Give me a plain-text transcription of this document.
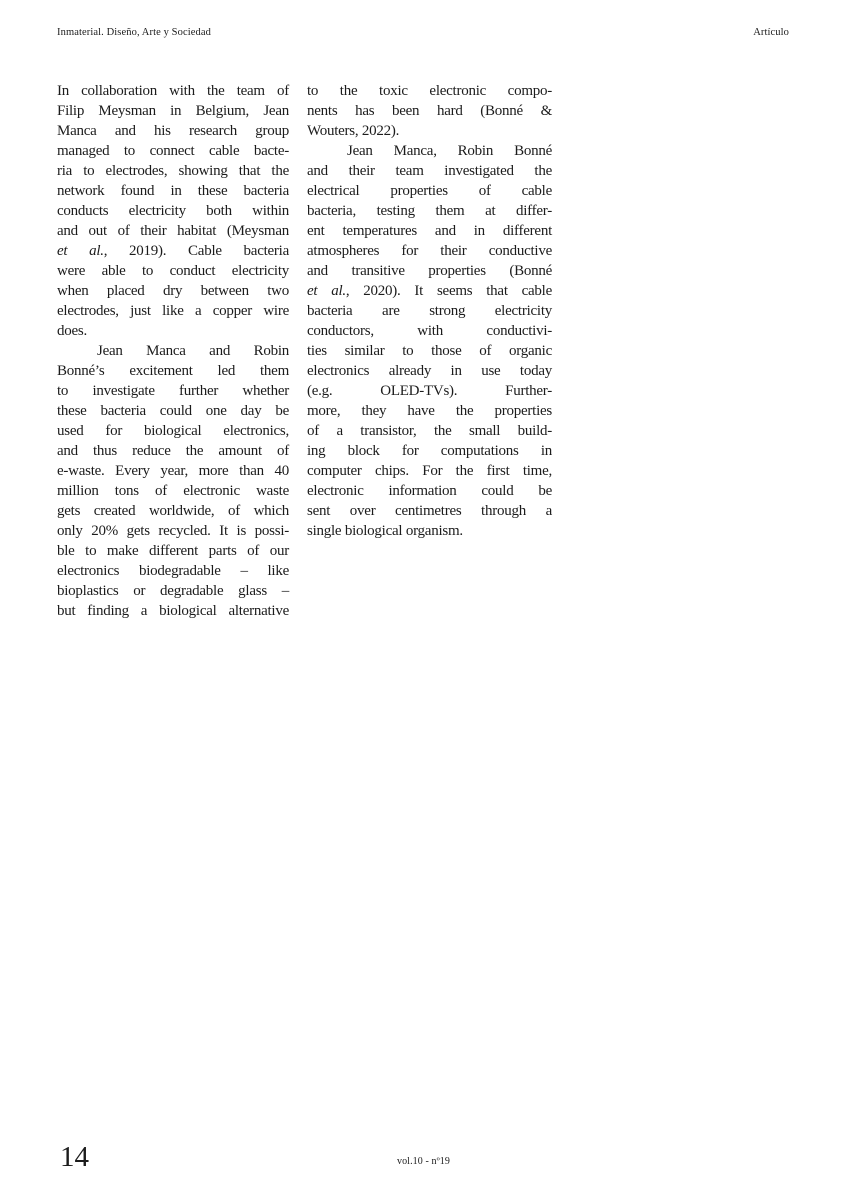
Inmaterial. Diseño, Arte y Sociedad	Artículo
In collaboration with the team of
Filip Meysman in Belgium, Jean
Manca and his research group
managed to connect cable bacte-
ria to electrodes, showing that the
network found in these bacteria
conducts electricity both within
and out of their habitat (Meysman
et al., 2019). Cable bacteria
were able to conduct electricity
when placed dry between two
electrodes, just like a copper wire
does.
Jean Manca and Robin
Bonné’s excitement led them
to investigate further whether
these bacteria could one day be
used for biological electronics,
and thus reduce the amount of
e-waste. Every year, more than 40
million tons of electronic waste
gets created worldwide, of which
only 20% gets recycled. It is possi-
ble to make different parts of our
electronics biodegradable – like
bioplastics or degradable glass –
but finding a biological alternative
to the toxic electronic compo-
nents has been hard (Bonné &
Wouters, 2022).
Jean Manca, Robin Bonné
and their team investigated the
electrical properties of cable
bacteria, testing them at differ-
ent temperatures and in different
atmospheres for their conductive
and transitive properties (Bonné
et al., 2020). It seems that cable
bacteria are strong electricity
conductors, with conductivi-
ties similar to those of organic
electronics already in use today
(e.g. OLED-TVs). Further-
more, they have the properties
of a transistor, the small build-
ing block for computations in
computer chips. For the first time,
electronic information could be
sent over centimetres through a
single biological organism.
14	vol.10 - nº19
